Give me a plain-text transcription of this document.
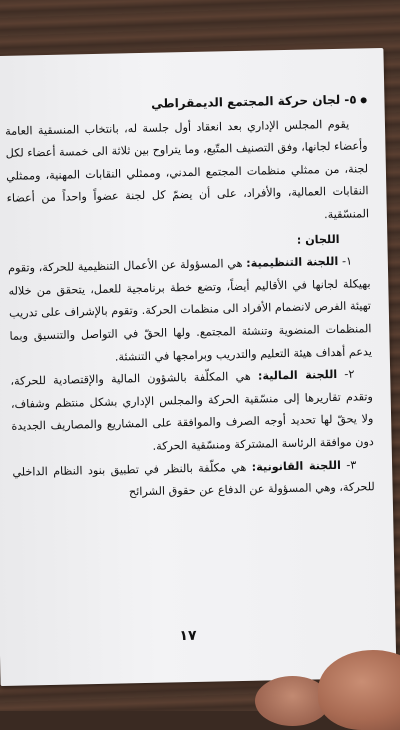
٥- لجان حركة المجتمع الديمقراطي

يقوم المجلس الإداري بعد انعقاد أول جلسة له، بانتخاب المنسقية العامة وأعضاء لجانها، وفق التصنيف المتّبع، وما يتراوح بين ثلاثة الى خمسة أعضاء لكل لجنة، من ممثلي منظمات المجتمع المدني، وممثلي النقابات المهنية، وممثلي النقابات العمالية، والأفراد، على أن يضمّ كل لجنة عضواً واحداً من أعضاء المنسّقية.

اللجان :

١- اللجنة التنظيمية: هي المسؤولة عن الأعمال التنظيمية للحركة، وتقوم بهيكلة لجانها في الأقاليم أيضاً، وتضع خطة برنامجية للعمل، يتحقق من خلاله تهيئة الفرص لانضمام الأفراد الى منظمات الحركة. وتقوم بالإشراف على تدريب المنظمات المنضوية وتنشئة المجتمع. ولها الحقّ في التواصل والتنسيق وبما يدعم أهداف هيئة التعليم والتدريب وبرامجها في التنشئة.

٢- اللجنة المالية: هي المكلّفة بالشؤون المالية والإقتصادية للحركة، وتقدم تقاريرها إلى منسّقية الحركة والمجلس الإداري بشكل منتظم وشفاف، ولا يحقّ لها تحديد أوجه الصرف والموافقة على المشاريع والمصاريف الجديدة دون موافقة الرئاسة المشتركة ومنسّقية الحركة.

٣- اللجنة القانونية: هي مكلّفة بالنظر في تطبيق بنود النظام الداخلي للحركة، وهي المسؤولة عن الدفاع عن حقوق الشرائح

١٧
